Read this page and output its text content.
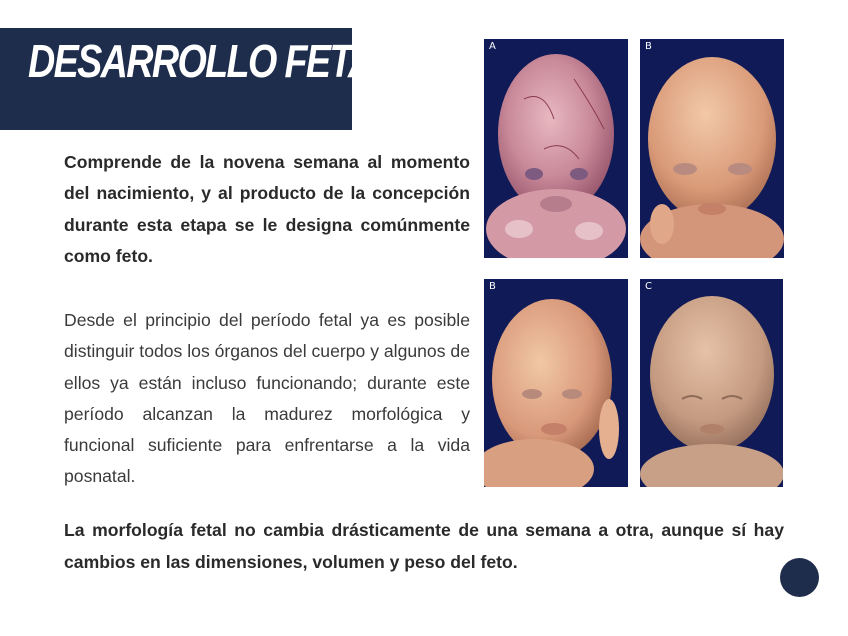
DESARROLLO FETAL

Comprende de la novena semana al momento del nacimiento, y al producto de la concepción durante esta etapa se le designa comúnmente como feto.

Desde el principio del período fetal ya es posible distinguir todos los órganos del cuerpo y algunos de ellos ya están incluso funcionando; durante este período alcanzan la madurez morfológica y funcional suficiente para enfrentarse a la vida posnatal.

La morfología fetal no cambia drásticamente de una semana a otra, aunque sí hay cambios en las dimensiones, volumen y peso del feto.

A	B
B	C
